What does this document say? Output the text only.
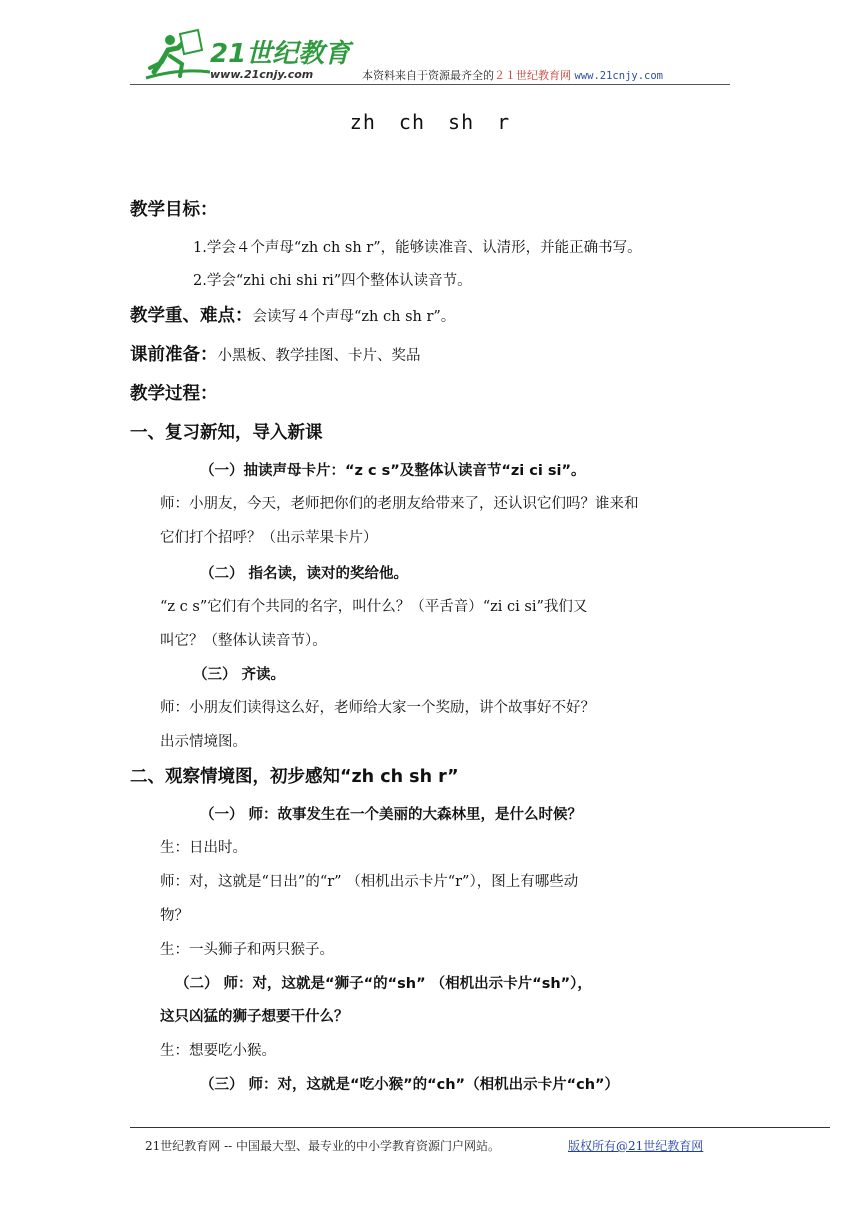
21世纪教育
www.21cnjy.com	本资料来自于资源最齐全的２１世纪教育网 www.21cnjy.com
zh ch sh r
教学目标：
1.学会４个声母“zh ch sh r”，能够读准音、认清形，并能正确书写。
2.学会“zhi chi shi ri”四个整体认读音节。
教学重、难点：会读写４个声母“zh ch sh r”。
课前准备：小黑板、教学挂图、卡片、奖品
教学过程：
一、复习新知，导入新课
（一）抽读声母卡片：“z c s”及整体认读音节“zi ci si”。
师：小朋友，今天，老师把你们的老朋友给带来了，还认识它们吗？谁来和
它们打个招呼？（出示苹果卡片）
（二） 指名读，读对的奖给他。
“z c s”它们有个共同的名字，叫什么？（平舌音）“zi ci si”我们又
叫它？（整体认读音节）。
（三） 齐读。
师：小朋友们读得这么好，老师给大家一个奖励，讲个故事好不好？
出示情境图。
二、观察情境图，初步感知“zh ch sh r”
（一） 师：故事发生在一个美丽的大森林里，是什么时候？
生：日出时。
师：对，这就是“日出”的“r” （相机出示卡片“r”），图上有哪些动
物？
生：一头狮子和两只猴子。
（二） 师：对，这就是“狮子“的“sh” （相机出示卡片“sh”），
这只凶猛的狮子想要干什么？
生：想要吃小猴。
（三） 师：对，这就是“吃小猴”的“ch”（相机出示卡片“ch”）
21世纪教育网 -- 中国最大型、最专业的中小学教育资源门户网站。	版权所有@21世纪教育网
